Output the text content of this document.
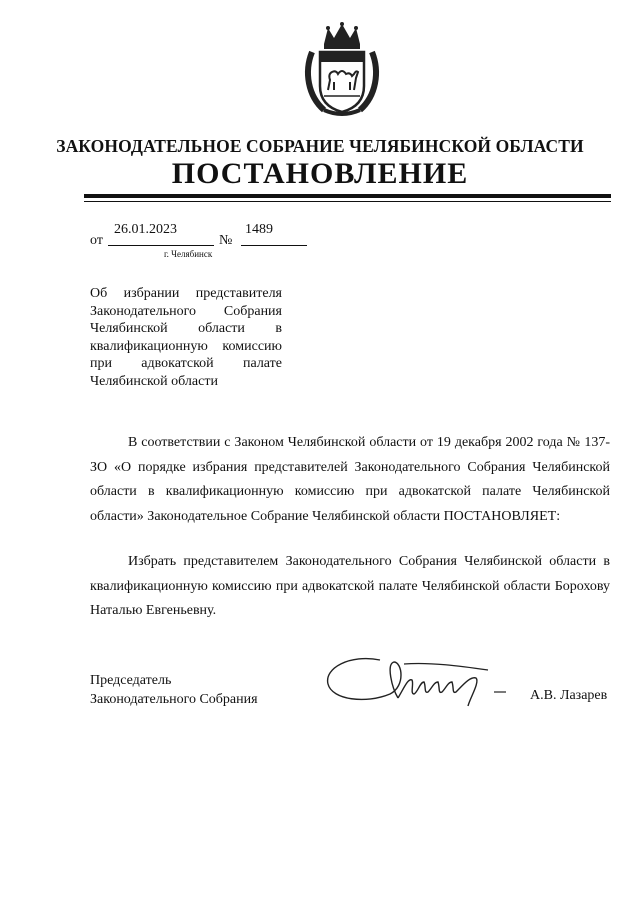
ЗАКОНОДАТЕЛЬНОЕ СОБРАНИЕ ЧЕЛЯБИНСКОЙ ОБЛАСТИ
ПОСТАНОВЛЕНИЕ
от
26.01.2023
№
1489
г. Челябинск
Об избрании представителя Законодательного Собрания Челябинской области в квалификационную комиссию при адвокатской палате Челябинской области

В соответствии с Законом Челябинской области от 19 декабря 2002 года № 137-ЗО «О порядке избрания представителей Законодательного Собрания Челябинской области в квалификационную комиссию при адвокатской палате Челябинской области» Законодательное Собрание Челябинской области ПОСТАНОВЛЯЕТ:

Избрать представителем Законодательного Собрания Челябинской области в квалификационную комиссию при адвокатской палате Челябинской области Борохову Наталью Евгеньевну.

Председатель
Законодательного Собрания	А.В. Лазарев
